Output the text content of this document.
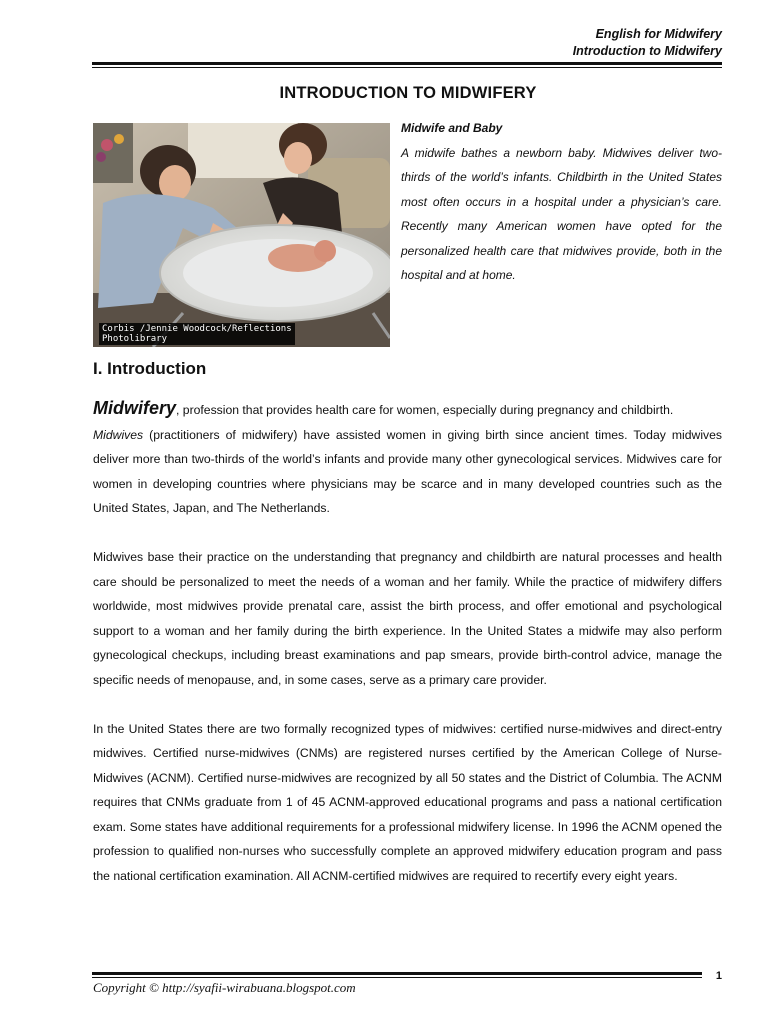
English for Midwifery
Introduction to Midwifery
INTRODUCTION TO MIDWIFERY
Corbis /Jennie Woodcock/Reflections
Photolibrary
Midwife and Baby
A midwife bathes a newborn baby. Midwives deliver two-thirds of the world’s infants. Childbirth in the United States most often occurs in a hospital under a physician’s care. Recently many American women have opted for the personalized health care that midwives provide, both in the hospital and at home.
I. Introduction

Midwifery, profession that provides health care for women, especially during pregnancy and childbirth.

Midwives (practitioners of midwifery) have assisted women in giving birth since ancient times. Today midwives deliver more than two-thirds of the world’s infants and provide many other gynecological services. Midwives care for women in developing countries where physicians may be scarce and in many developed countries such as the United States, Japan, and The Netherlands.

Midwives base their practice on the understanding that pregnancy and childbirth are natural processes and health care should be personalized to meet the needs of a woman and her family. While the practice of midwifery differs worldwide, most midwives provide prenatal care, assist the birth process, and offer emotional and psychological support to a woman and her family during the birth experience. In the United States a midwife may also perform gynecological checkups, including breast examinations and pap smears, provide birth-control advice, manage the specific needs of menopause, and, in some cases, serve as a primary care provider.

In the United States there are two formally recognized types of midwives: certified nurse-midwives and direct-entry midwives. Certified nurse-midwives (CNMs) are registered nurses certified by the American College of Nurse-Midwives (ACNM). Certified nurse-midwives are recognized by all 50 states and the District of Columbia. The ACNM requires that CNMs graduate from 1 of 45 ACNM-approved educational programs and pass a national certification exam. Some states have additional requirements for a professional midwifery license. In 1996 the ACNM opened the profession to qualified non-nurses who successfully complete an approved midwifery education program and pass the national certification examination. All ACNM-certified midwives are required to recertify every eight years.

Copyright © http://syafii-wirabuana.blogspot.com
1
